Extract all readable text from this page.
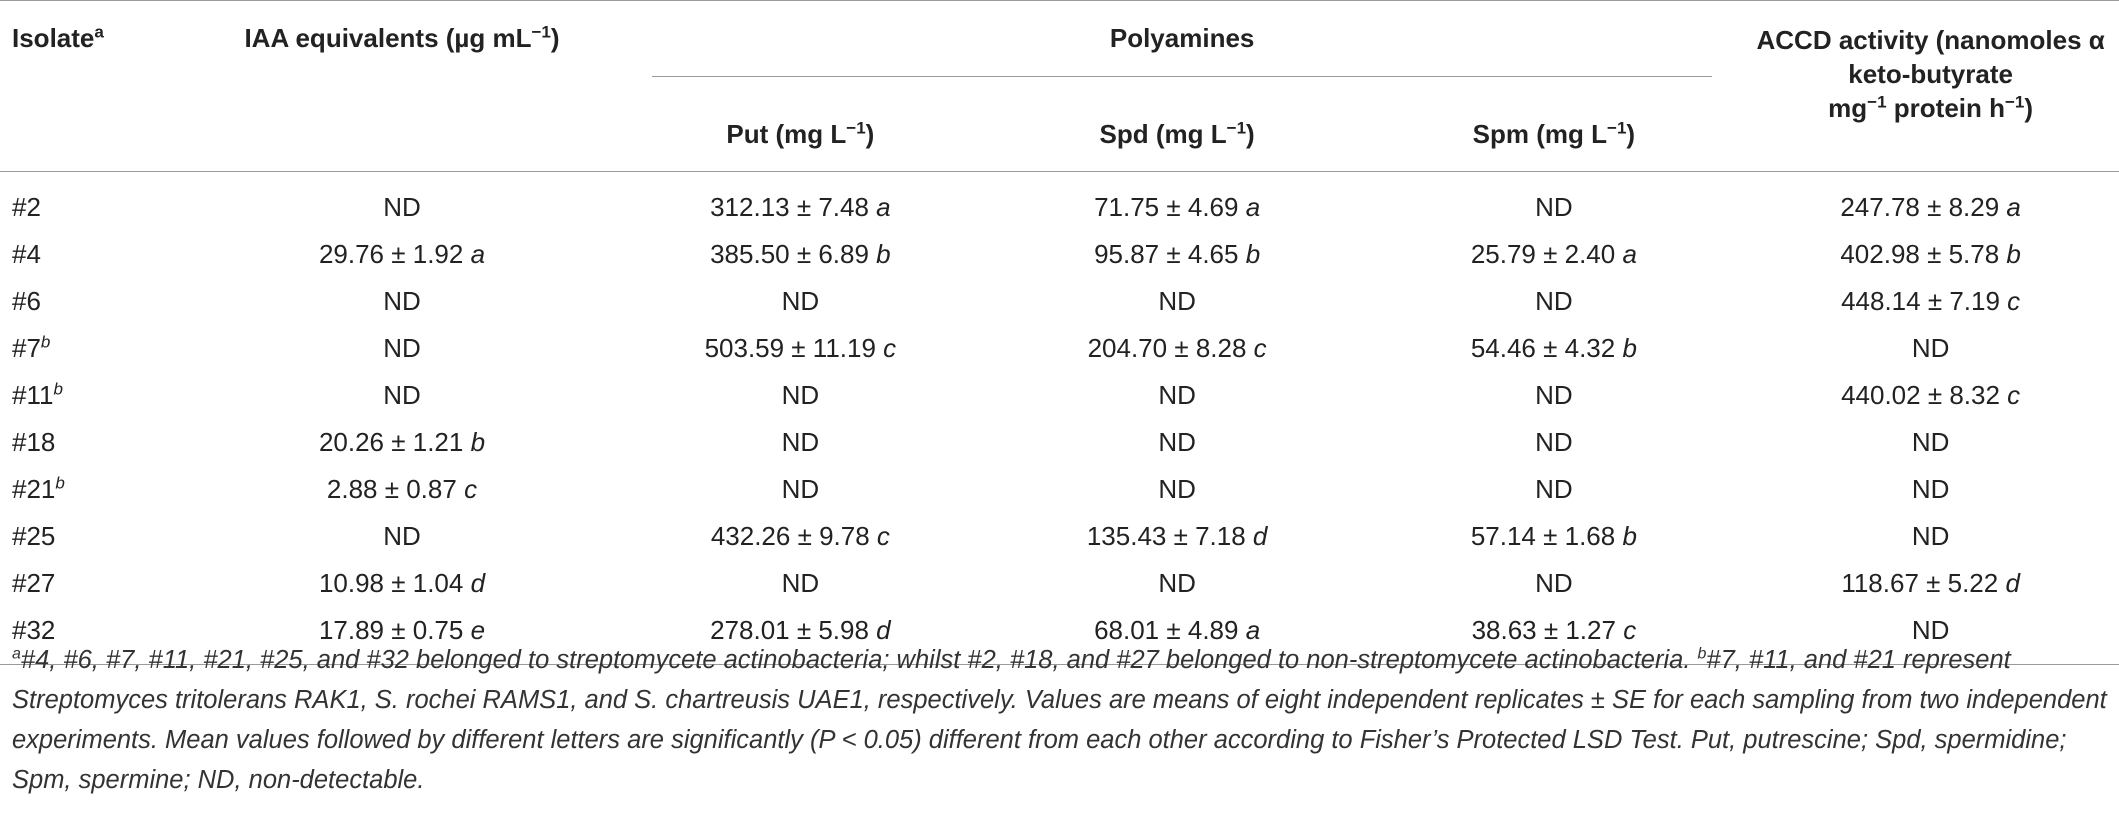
Isolate$^a$	IAA equivalents (µg $mL^{-1}$)	Polyamines			ACCD activity (nanomoles α keto-butyrate
$mg^{-1}$ protein $h^{-1}$)

		Put (mg $L^{-1}$)	Spd (mg $L^{-1}$)	Spm (mg $L^{-1}$)	

#2	ND	312.13 ± 7.48 a	71.75 ± 4.69 a	ND	247.78 ± 8.29 a
#4	29.76 ± 1.92 a	385.50 ± 6.89 b	95.87 ± 4.65 b	25.79 ± 2.40 a	402.98 ± 5.78 b
#6	ND	ND	ND	ND	448.14 ± 7.19 c
#7$^b$	ND	503.59 ± 11.19 c	204.70 ± 8.28 c	54.46 ± 4.32 b	ND
#11$^b$	ND	ND	ND	ND	440.02 ± 8.32 c
#18	20.26 ± 1.21 b	ND	ND	ND	ND
#21$^b$	2.88 ± 0.87 c	ND	ND	ND	ND
#25	ND	432.26 ± 9.78 c	135.43 ± 7.18 d	57.14 ± 1.68 b	ND
#27	10.98 ± 1.04 d	ND	ND	ND	118.67 ± 5.22 d
#32	17.89 ± 0.75 e	278.01 ± 5.98 d	68.01 ± 4.89 a	38.63 ± 1.27 c	ND
$^a$#4, #6, #7, #11, #21, #25, and #32 belonged to streptomycete actinobacteria; whilst #2, #18, and #27 belonged to non-streptomycete actinobacteria. $^b$#7, #11, and #21 represent Streptomyces tritolerans RAK1, S. rochei RAMS1, and S. chartreusis UAE1, respectively. Values are means of eight independent replicates ± SE for each sampling from two independent experiments. Mean values followed by different letters are significantly (P < 0.05) different from each other according to Fisher’s Protected LSD Test. Put, putrescine; Spd, spermidine; Spm, spermine; ND, non-detectable.
